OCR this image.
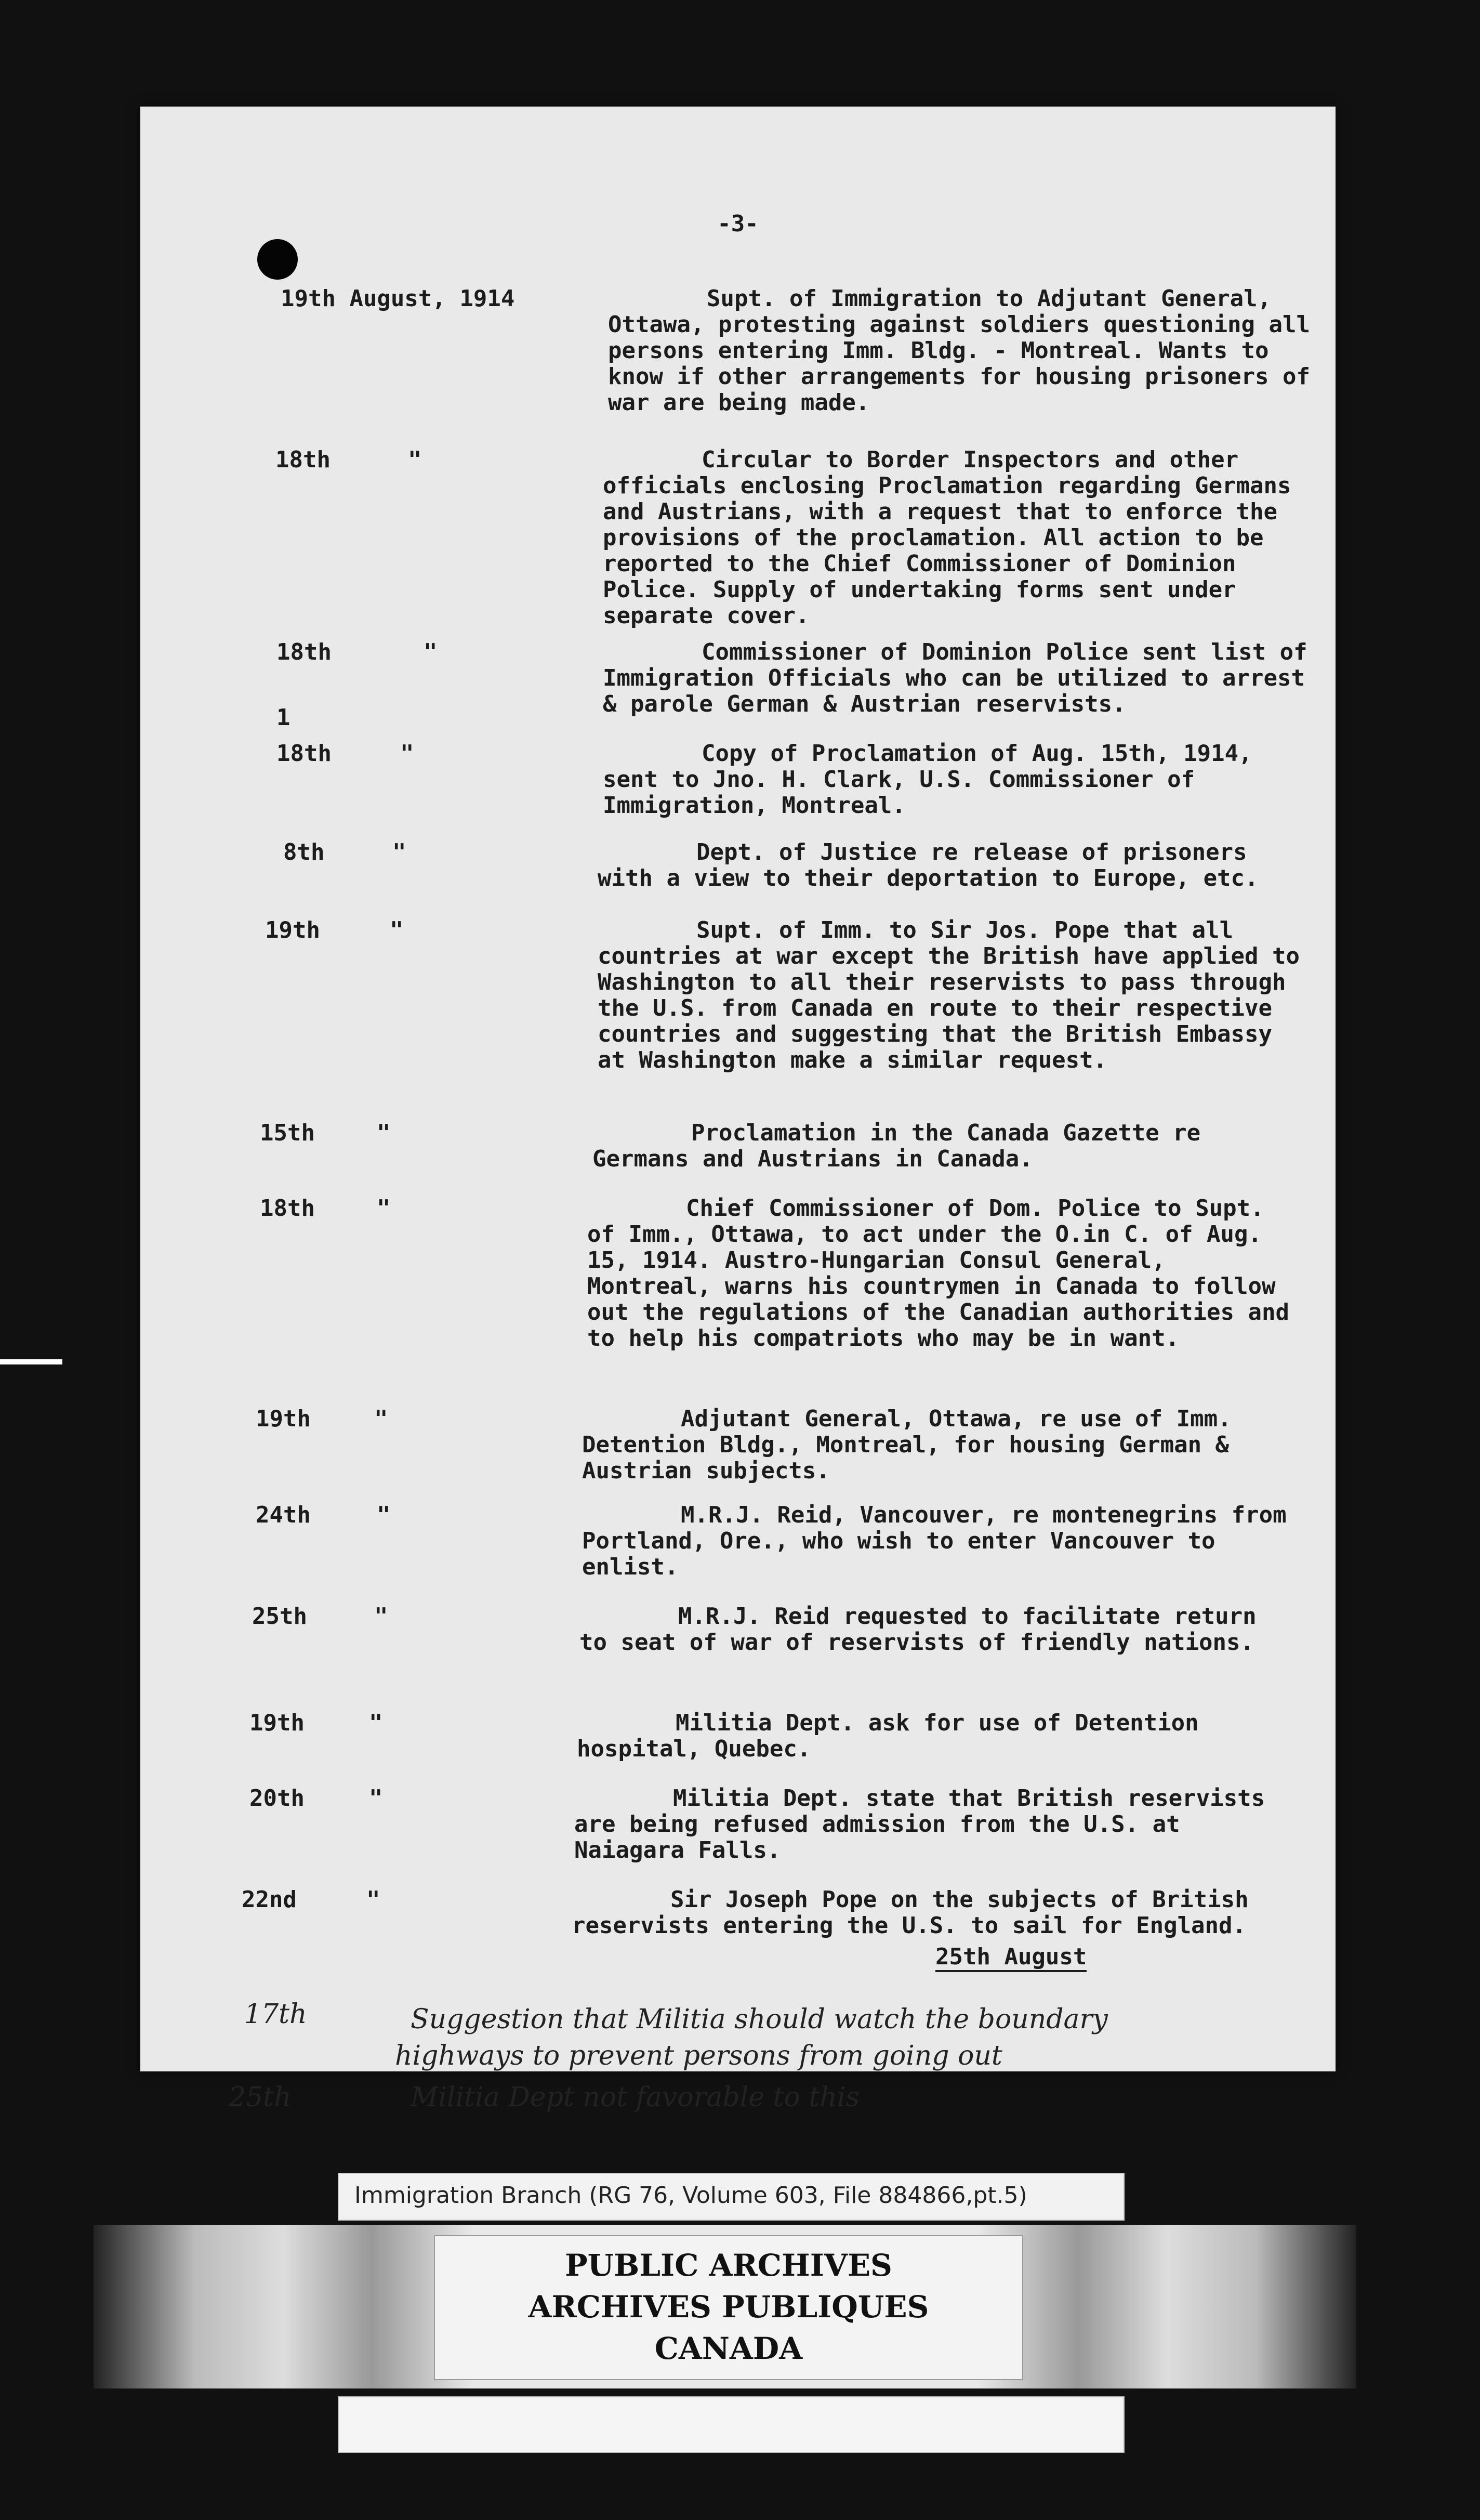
-3-
19th August, 1914	Supt. of Immigration to Adjutant General, Ottawa, protesting against soldiers questioning all persons entering Imm. Bldg. - Montreal. Wants to know if other arrangements for housing prisoners of war are being made.
18th	"	Circular to Border Inspectors and other officials enclosing Proclamation regarding Germans and Austrians, with a request that to enforce the provisions of the proclamation. All action to be reported to the Chief Commissioner of Dominion Police. Supply of undertaking forms sent under separate cover.
18th	"	Commissioner of Dominion Police sent list of Immigration Officials who can be utilized to arrest & parole German & Austrian reservists.
1
18th	"	Copy of Proclamation of Aug. 15th, 1914, sent to Jno. H. Clark, U.S. Commissioner of Immigration, Montreal.
8th	"	Dept. of Justice re release of prisoners with a view to their deportation to Europe, etc.
19th	"	Supt. of Imm. to Sir Jos. Pope that all countries at war except the British have applied to Washington to all their reservists to pass through the U.S. from Canada en route to their respective countries and suggesting that the British Embassy at Washington make a similar request.
15th	"	Proclamation in the Canada Gazette re Germans and Austrians in Canada.
18th	"	Chief Commissioner of Dom. Police to Supt. of Imm., Ottawa, to act under the O.in C. of Aug. 15, 1914. Austro-Hungarian Consul General, Montreal, warns his countrymen in Canada to follow out the regulations of the Canadian authorities and to help his compatriots who may be in want.
19th	"	Adjutant General, Ottawa, re use of Imm. Detention Bldg., Montreal, for housing German & Austrian subjects.
24th	"	M.R.J. Reid, Vancouver, re montenegrins from Portland, Ore., who wish to enter Vancouver to enlist.
25th	"	M.R.J. Reid requested to facilitate return to seat of war of reservists of friendly nations.
19th	"	Militia Dept. ask for use of Detention hospital, Quebec.
20th	"	Militia Dept. state that British reservists are being refused admission from the U.S. at Naiagara Falls.
22nd	"	Sir Joseph Pope on the subjects of British reservists entering the U.S. to sail for England.
25th August
17th	Suggestion that Militia should watch the boundary
highways to prevent persons from going out
25th	Militia Dept not favorable to this
Immigration Branch (RG 76, Volume 603, File 884866,pt.5)
PUBLIC ARCHIVES
ARCHIVES PUBLIQUES
CANADA
